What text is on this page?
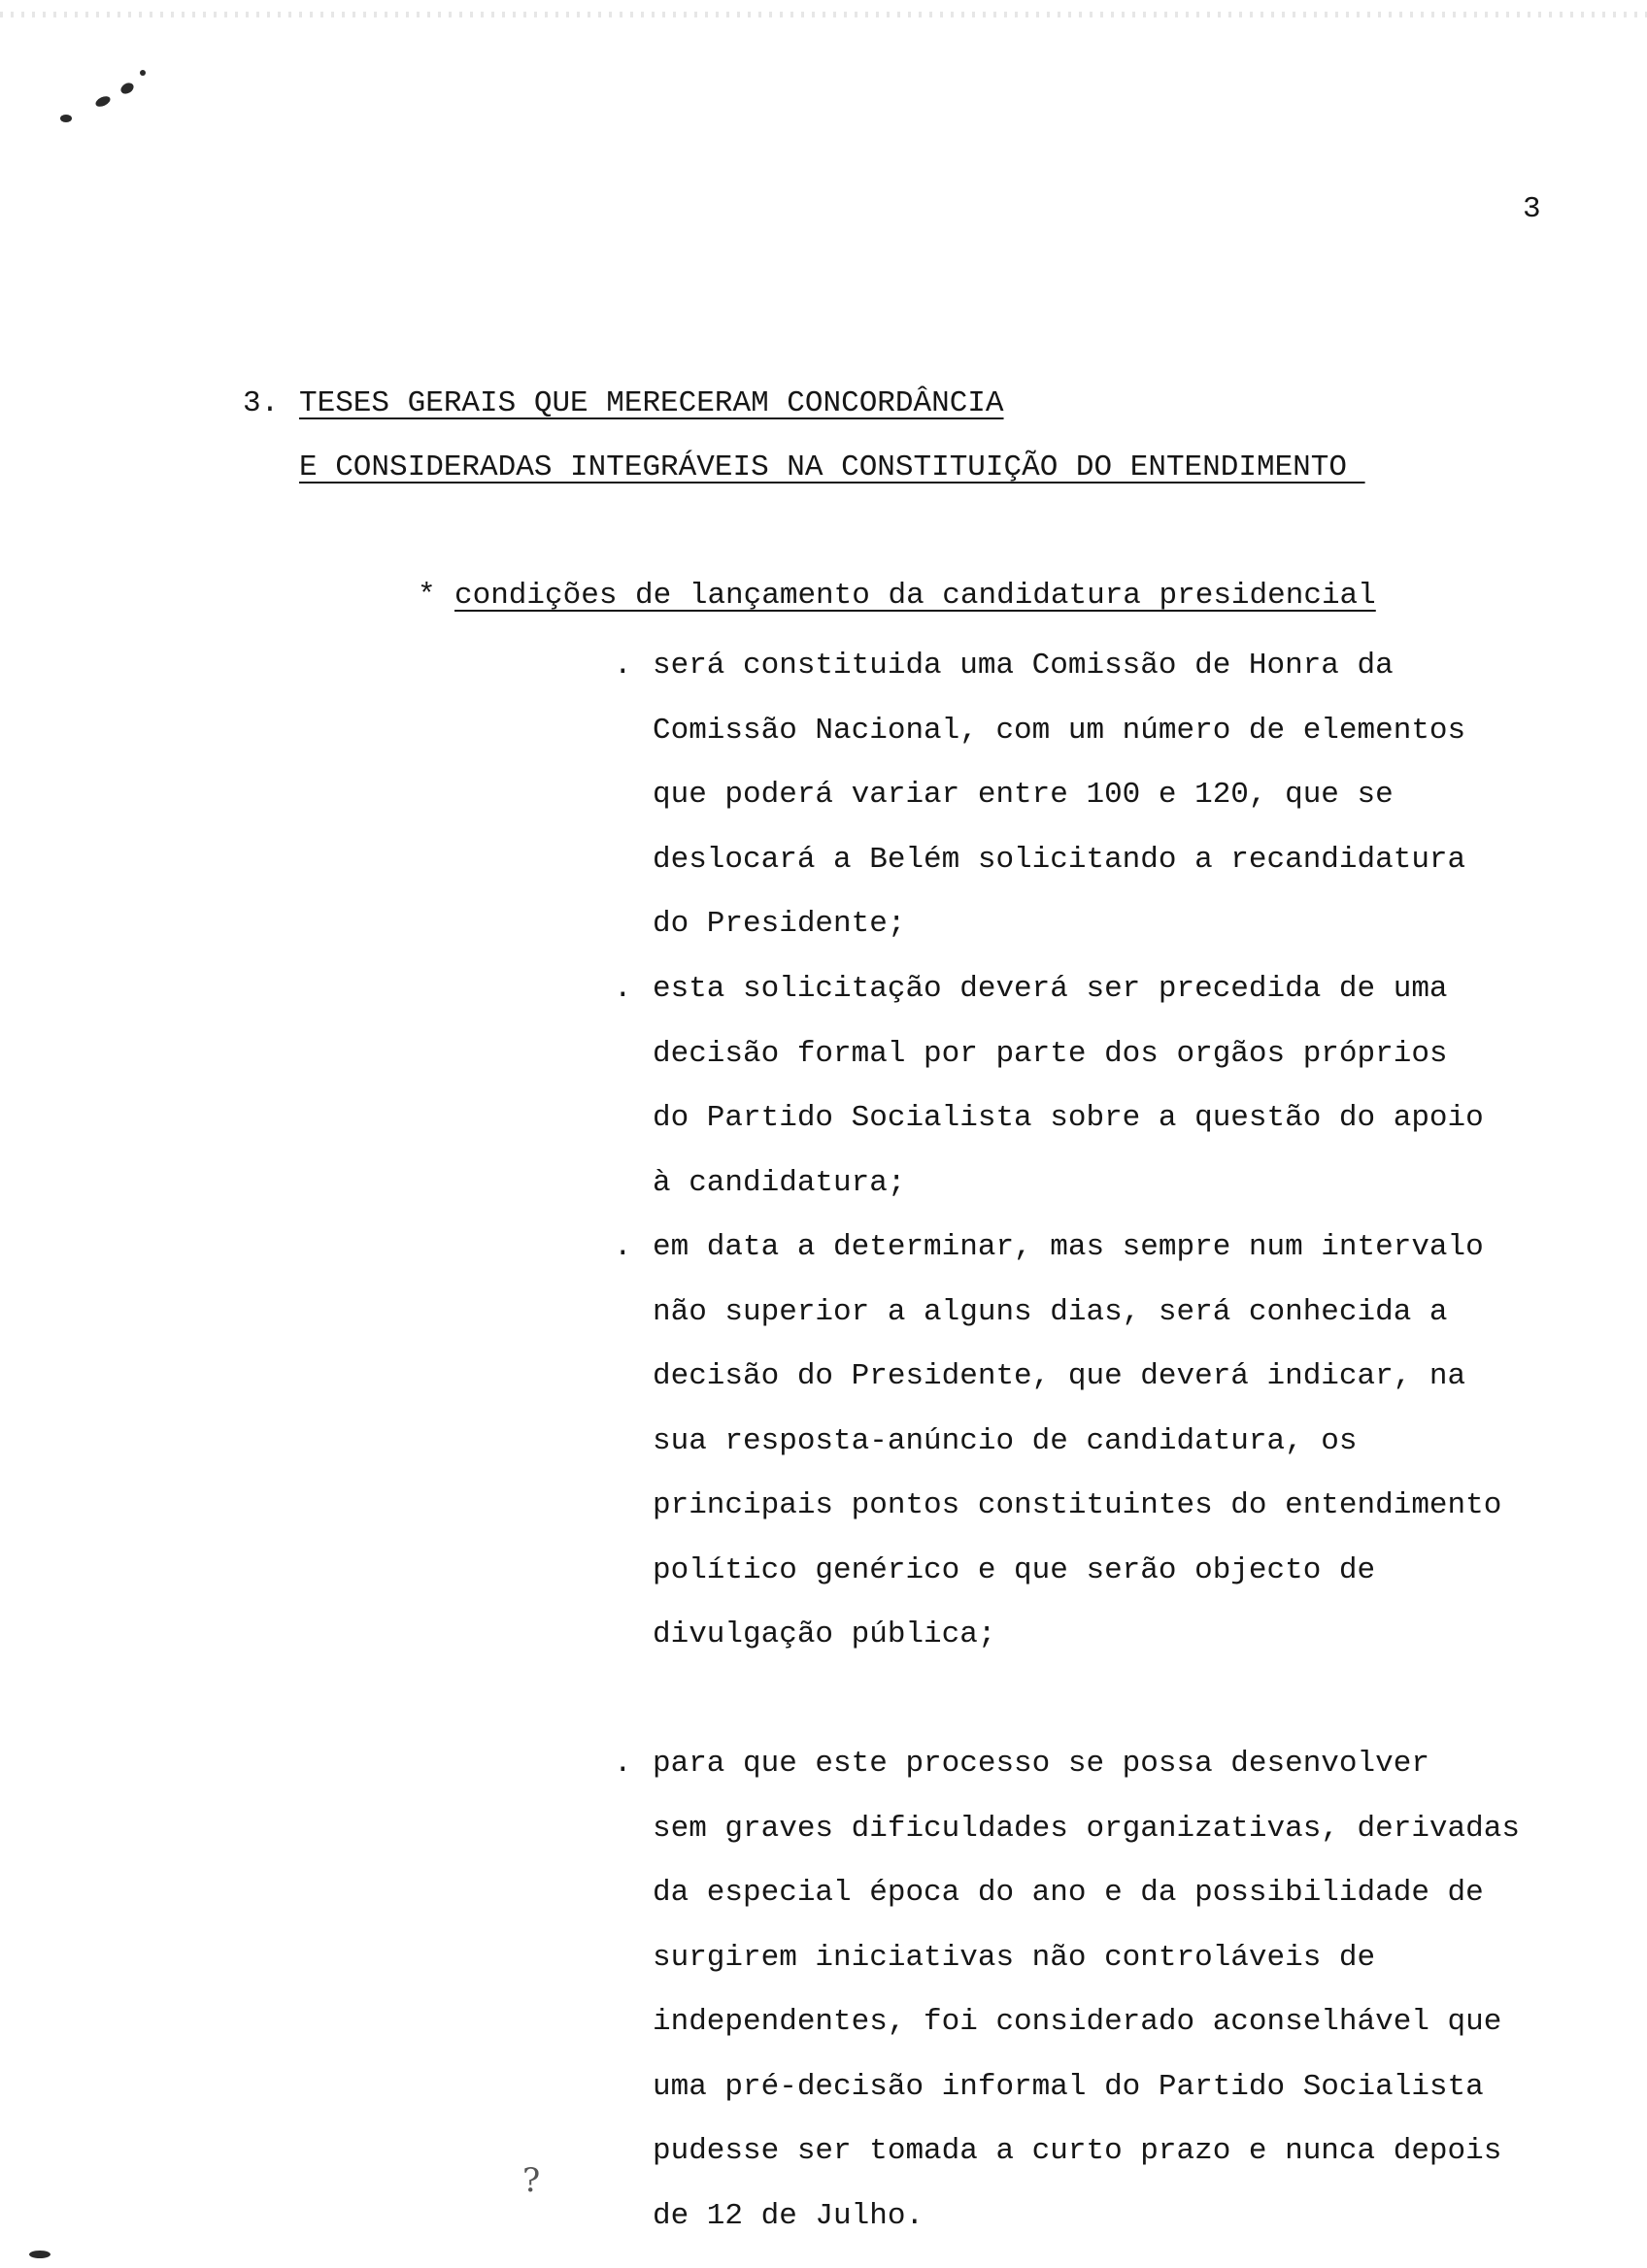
3
3. TESES GERAIS QUE MERECERAM CONCORDÂNCIA
E CONSIDERADAS INTEGRÁVEIS NA CONSTITUIÇÃO DO ENTENDIMENTO
* condições de lançamento da candidatura presidencial
. será constituida uma Comissão de Honra da
Comissão Nacional, com um número de elementos
que poderá variar entre 100 e 120, que se
deslocará a Belém solicitando a recandidatura
do Presidente;
. esta solicitação deverá ser precedida de uma
decisão formal por parte dos orgãos próprios
do Partido Socialista sobre a questão do apoio
à candidatura;
. em data a determinar, mas sempre num intervalo
não superior a alguns dias, será conhecida a
decisão do Presidente, que deverá indicar, na
sua resposta-anúncio de candidatura, os
principais pontos constituintes do entendimento
político genérico e que serão objecto de
divulgação pública;
. para que este processo se possa desenvolver
sem graves dificuldades organizativas, derivadas
da especial época do ano e da possibilidade de
surgirem iniciativas não controláveis de
independentes, foi considerado aconselhável que
uma pré-decisão informal do Partido Socialista
pudesse ser tomada a curto prazo e nunca depois
de 12 de Julho.
?
